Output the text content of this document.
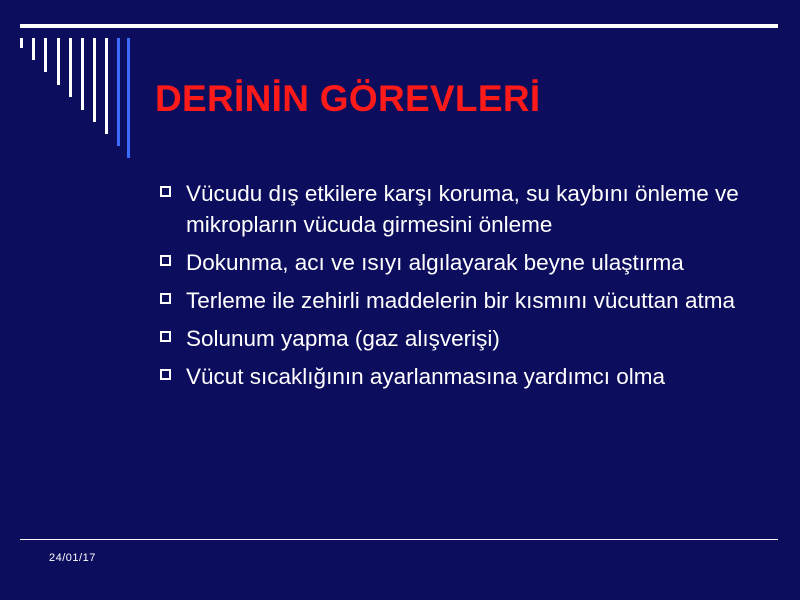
DERİNİN GÖREVLERİ
Vücudu dış etkilere karşı koruma, su kaybını önleme ve mikropların vücuda girmesini önleme
Dokunma, acı ve ısıyı algılayarak beyne ulaştırma
Terleme ile zehirli maddelerin bir kısmını vücuttan atma
Solunum yapma (gaz alışverişi)
Vücut sıcaklığının ayarlanmasına yardımcı olma
24/01/17
